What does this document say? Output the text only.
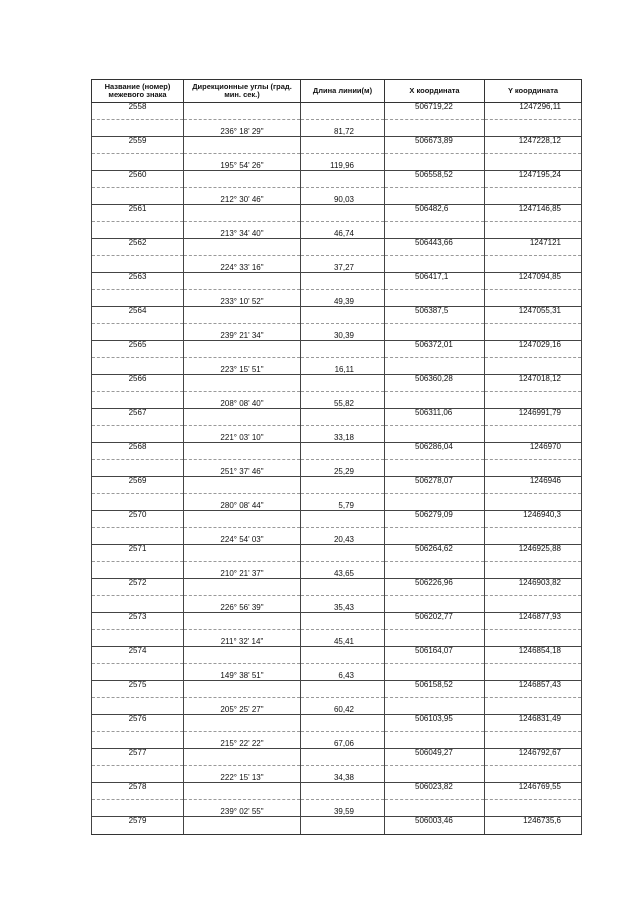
Название (номер) межевого знака	Дирекционные углы (град. мин. сек.)	Длина линии(м)	X координата	Y координата
2558			506719,22	1247296,11
	236° 18' 29"	81,72		
2559			506673,89	1247228,12
	195° 54' 26"	119,96		
2560			506558,52	1247195,24
	212° 30' 46"	90,03		
2561			506482,6	1247146,85
	213° 34' 40"	46,74		
2562			506443,66	1247121
	224° 33' 16"	37,27		
2563			506417,1	1247094,85
	233° 10' 52"	49,39		
2564			506387,5	1247055,31
	239° 21' 34"	30,39		
2565			506372,01	1247029,16
	223° 15' 51"	16,11		
2566			506360,28	1247018,12
	208° 08' 40"	55,82		
2567			506311,06	1246991,79
	221° 03' 10"	33,18		
2568			506286,04	1246970
	251° 37' 46"	25,29		
2569			506278,07	1246946
	280° 08' 44"	5,79		
2570			506279,09	1246940,3
	224° 54' 03"	20,43		
2571			506264,62	1246925,88
	210° 21' 37"	43,65		
2572			506226,96	1246903,82
	226° 56' 39"	35,43		
2573			506202,77	1246877,93
	211° 32' 14"	45,41		
2574			506164,07	1246854,18
	149° 38' 51"	6,43		
2575			506158,52	1246857,43
	205° 25' 27"	60,42		
2576			506103,95	1246831,49
	215° 22' 22"	67,06		
2577			506049,27	1246792,67
	222° 15' 13"	34,38		
2578			506023,82	1246769,55
	239° 02' 55"	39,59		
2579			506003,46	1246735,6
